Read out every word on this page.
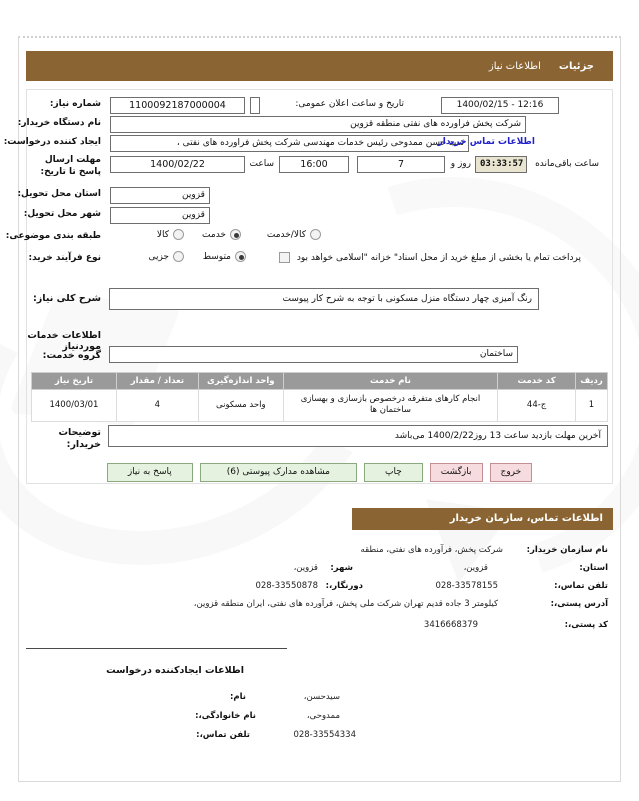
جزئیات
اطلاعات نیاز
شماره نیاز:	1100092187000004	تاریخ و ساعت اعلان عمومی:	1400/02/15 - 12:16
نام دستگاه خریدار:	شرکت پخش فراورده های نفتی منطقه قزوین
ایجاد کننده درخواست:	سید حسن ممدوحی رئیس خدمات مهندسی شرکت پخش فراورده های نفتی ،
اطلاعات تماس خریدار
مهلت ارسال پاسخ تا تاریخ:
1400/02/22	ساعت	16:00	7	روز و	03:33:57	ساعت باقی‌مانده
استان محل تحویل:	قزوین
شهر محل تحویل:	قزوین
طبقه بندی موضوعی:	کالا	خدمت	کالا/خدمت
نوع فرآیند خرید:	جزیی	متوسط	پرداخت تمام یا بخشی از مبلغ خرید از محل اسناد" خزانه "اسلامی خواهد بود
شرح کلی نیاز:	رنگ آمیزی چهار دستگاه منزل مسکونی با توجه به شرح کار پیوست
اطلاعات خدمات موردنیاز
گروه خدمت:	ساختمان
ردیف	کد خدمت	نام خدمت	واحد اندازه‌گیری	تعداد / مقدار	تاریخ نیاز
1	ج-44	انجام کارهای متفرقه درخصوص بازسازی و بهسازی ساختمان ها	واحد مسکونی	4	1400/03/01
توضیحات خریدار:
آخرین مهلت بازدید ساعت 13 روز1400/2/22 می‌باشد
پاسخ به نیاز	مشاهده مدارک پیوستی (6)	چاپ	بازگشت	خروج
اطلاعات تماس، سازمان خریدار
نام سازمان خریدار:
شرکت پخش، فرآورده های نفتی، منطقه
استان:
قزوین،
شهر:
قزوین،
تلفن تماس،:
028-33578155
دورنگار،:
028-33550878
آدرس پستی،:
کیلومتر 3 جاده قدیم تهران شرکت ملی پخش، فرآورده های نفتی، ایران منطقه قزوین،
کد پستی،:
3416668379
اطلاعات ایجادکننده درخواست
نام:	سیدحسن،
نام خانوادگی،:	ممدوحی،
تلفن تماس،:	028-33554334
